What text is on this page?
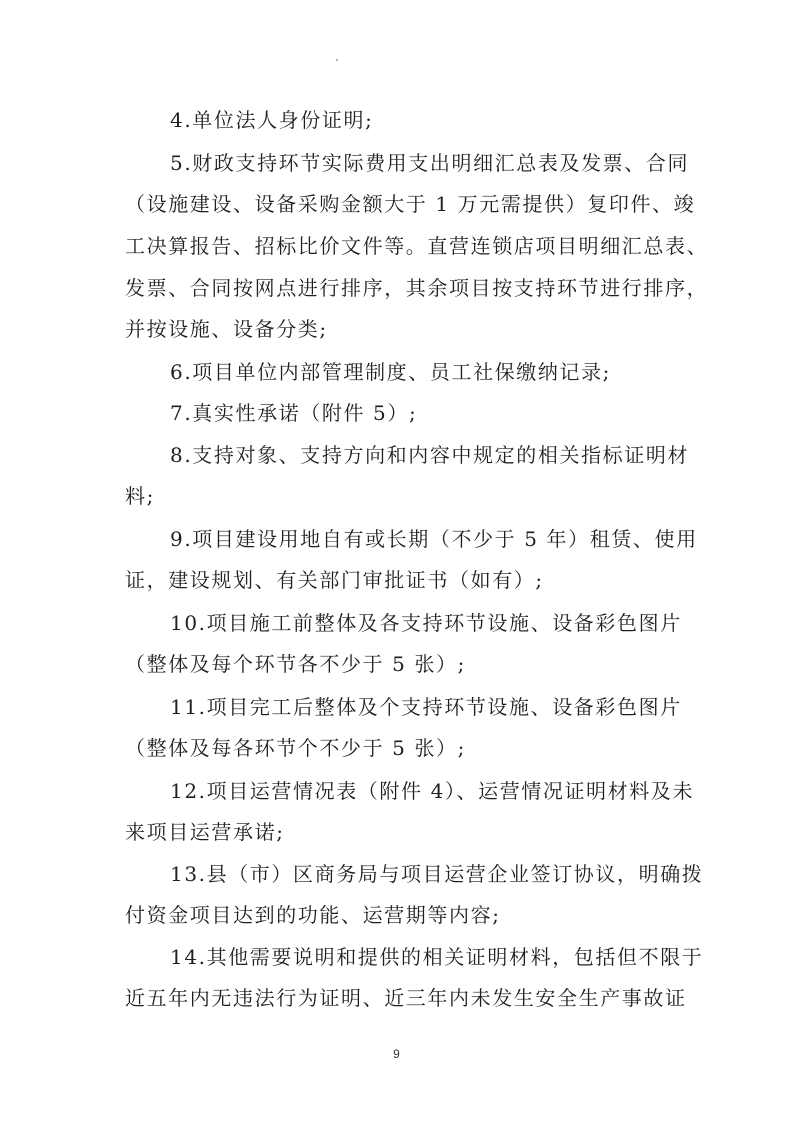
4.单位法人身份证明;
5.财政支持环节实际费用支出明细汇总表及发票、合同
（设施建设、设备采购金额大于 1 万元需提供）复印件、竣
工决算报告、招标比价文件等。直营连锁店项目明细汇总表、
发票、合同按网点进行排序，其余项目按支持环节进行排序，
并按设施、设备分类;
6.项目单位内部管理制度、员工社保缴纳记录;
7.真实性承诺（附件 5）;
8.支持对象、支持方向和内容中规定的相关指标证明材
料;
9.项目建设用地自有或长期（不少于 5 年）租赁、使用
证，建设规划、有关部门审批证书（如有）;
10.项目施工前整体及各支持环节设施、设备彩色图片
（整体及每个环节各不少于 5 张）;
11.项目完工后整体及个支持环节设施、设备彩色图片
（整体及每各环节个不少于 5 张）;
12.项目运营情况表（附件 4）、运营情况证明材料及未
来项目运营承诺;
13.县（市）区商务局与项目运营企业签订协议，明确拨
付资金项目达到的功能、运营期等内容;
14.其他需要说明和提供的相关证明材料，包括但不限于
近五年内无违法行为证明、近三年内未发生安全生产事故证
9
